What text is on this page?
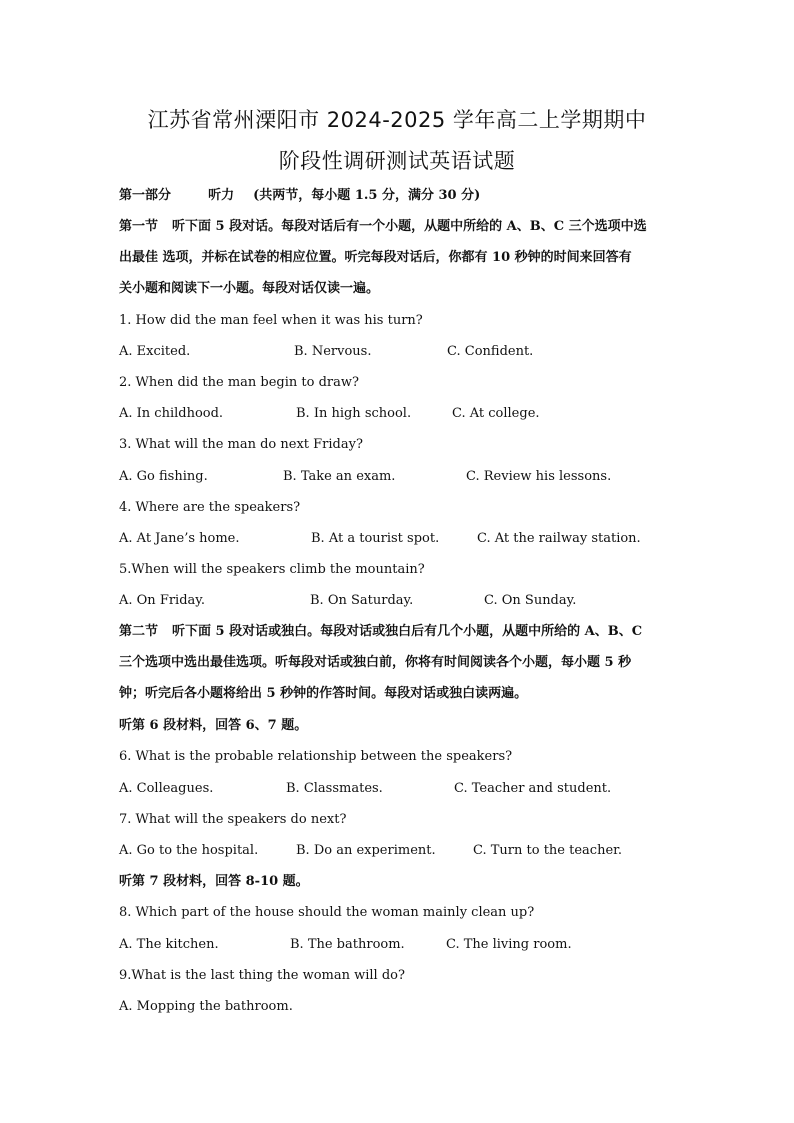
江苏省常州溧阳市 2024-2025 学年高二上学期期中
阶段性调研测试英语试题
第一部分	听力 (共两节，每小题 1.5 分，满分 30 分)
第一节 听下面 5 段对话。每段对话后有一个小题，从题中所给的 A、B、C 三个选项中选
出最佳 选项，并标在试卷的相应位置。听完每段对话后，你都有 10 秒钟的时间来回答有
关小题和阅读下一小题。每段对话仅读一遍。
1. How did the man feel when it was his turn?
A. Excited.	B. Nervous.	C. Confident.
2. When did the man begin to draw?
A. In childhood.	B. In high school.	C. At college.
3. What will the man do next Friday?
A. Go fishing.	B. Take an exam.	C. Review his lessons.
4. Where are the speakers?
A. At Jane’s home.	B. At a tourist spot.	C. At the railway station.
5.When will the speakers climb the mountain?
A. On Friday.	B. On Saturday.	C. On Sunday.
第二节 听下面 5 段对话或独白。每段对话或独白后有几个小题，从题中所给的 A、B、C
三个选项中选出最佳选项。听每段对话或独白前，你将有时间阅读各个小题，每小题 5 秒
钟；听完后各小题将给出 5 秒钟的作答时间。每段对话或独白读两遍。
听第 6 段材料，回答 6、7 题。
6. What is the probable relationship between the speakers?
A. Colleagues.	B. Classmates.	C. Teacher and student.
7. What will the speakers do next?
A. Go to the hospital.	B. Do an experiment.	C. Turn to the teacher.
听第 7 段材料，回答 8-10 题。
8. Which part of the house should the woman mainly clean up?
A. The kitchen.	B. The bathroom.	C. The living room.
9.What is the last thing the woman will do?
A. Mopping the bathroom.
